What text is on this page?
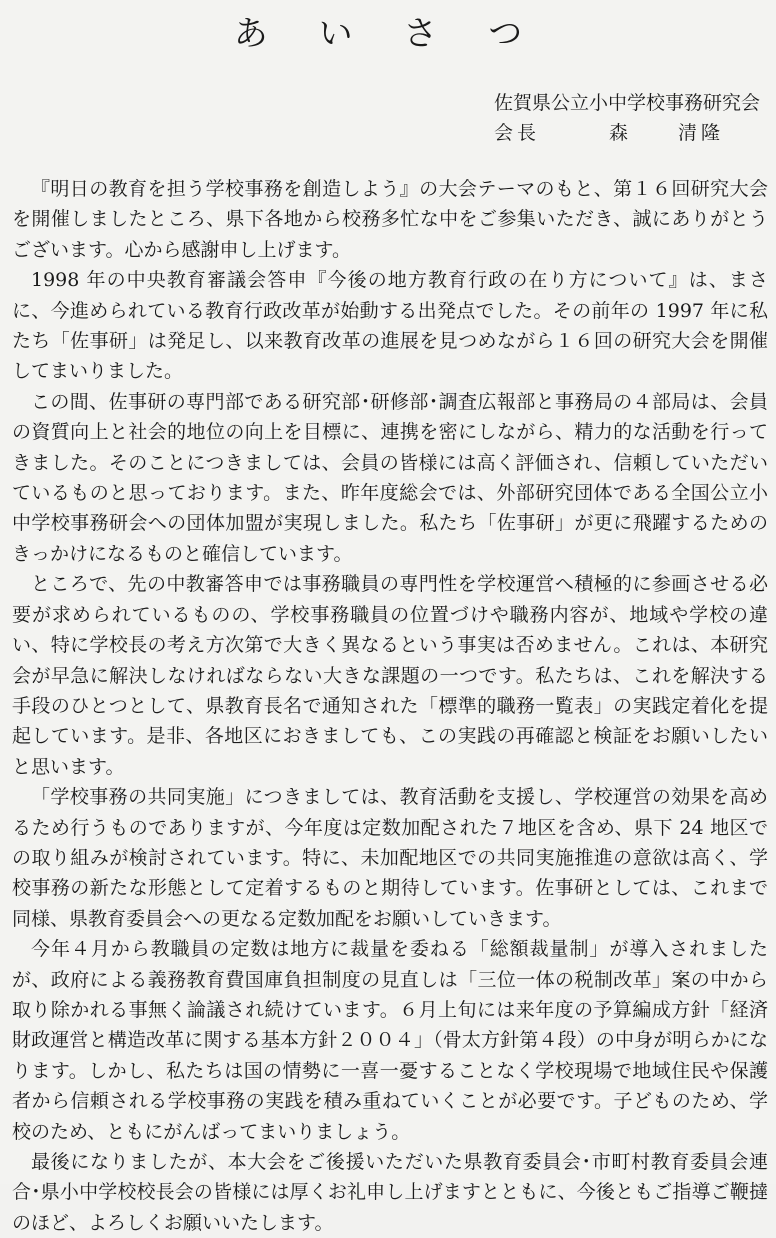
あ い さ つ
佐賀県公立小中学校事務研究会
会長　　　森　　清隆

『明日の教育を担う学校事務を創造しよう』の大会テーマのもと、第１６回研究大会を開催しましたところ、県下各地から校務多忙な中をご参集いただき、誠にありがとうございます。心から感謝申し上げます。

1998 年の中央教育審議会答申『今後の地方教育行政の在り方について』は、まさに、今進められている教育行政改革が始動する出発点でした。その前年の 1997 年に私たち「佐事研」は発足し、以来教育改革の進展を見つめながら１６回の研究大会を開催してまいりました。

この間、佐事研の専門部である研究部･研修部･調査広報部と事務局の４部局は、会員の資質向上と社会的地位の向上を目標に、連携を密にしながら、精力的な活動を行ってきました。そのことにつきましては、会員の皆様には高く評価され、信頼していただいているものと思っております。また、昨年度総会では、外部研究団体である全国公立小中学校事務研会への団体加盟が実現しました。私たち「佐事研」が更に飛躍するためのきっかけになるものと確信しています。

ところで、先の中教審答申では事務職員の専門性を学校運営へ積極的に参画させる必要が求められているものの、学校事務職員の位置づけや職務内容が、地域や学校の違い、特に学校長の考え方次第で大きく異なるという事実は否めません。これは、本研究会が早急に解決しなければならない大きな課題の一つです。私たちは、これを解決する手段のひとつとして、県教育長名で通知された「標準的職務一覧表」の実践定着化を提起しています。是非、各地区におきましても、この実践の再確認と検証をお願いしたいと思います。

「学校事務の共同実施」につきましては、教育活動を支援し、学校運営の効果を高めるため行うものでありますが、今年度は定数加配された７地区を含め、県下 24 地区での取り組みが検討されています。特に、未加配地区での共同実施推進の意欲は高く、学校事務の新たな形態として定着するものと期待しています。佐事研としては、これまで同様、県教育委員会への更なる定数加配をお願いしていきます。

今年４月から教職員の定数は地方に裁量を委ねる「総額裁量制」が導入されましたが、政府による義務教育費国庫負担制度の見直しは「三位一体の税制改革」案の中から取り除かれる事無く論議され続けています。６月上旬には来年度の予算編成方針「経済財政運営と構造改革に関する基本方針２００４」（骨太方針第４段）の中身が明らかになります。しかし、私たちは国の情勢に一喜一憂することなく学校現場で地域住民や保護者から信頼される学校事務の実践を積み重ねていくことが必要です。子どものため、学校のため、ともにがんばってまいりましょう。

最後になりましたが、本大会をご後援いただいた県教育委員会･市町村教育委員会連合･県小中学校校長会の皆様には厚くお礼申し上げますとともに、今後ともご指導ご鞭撻のほど、よろしくお願いいたします。
